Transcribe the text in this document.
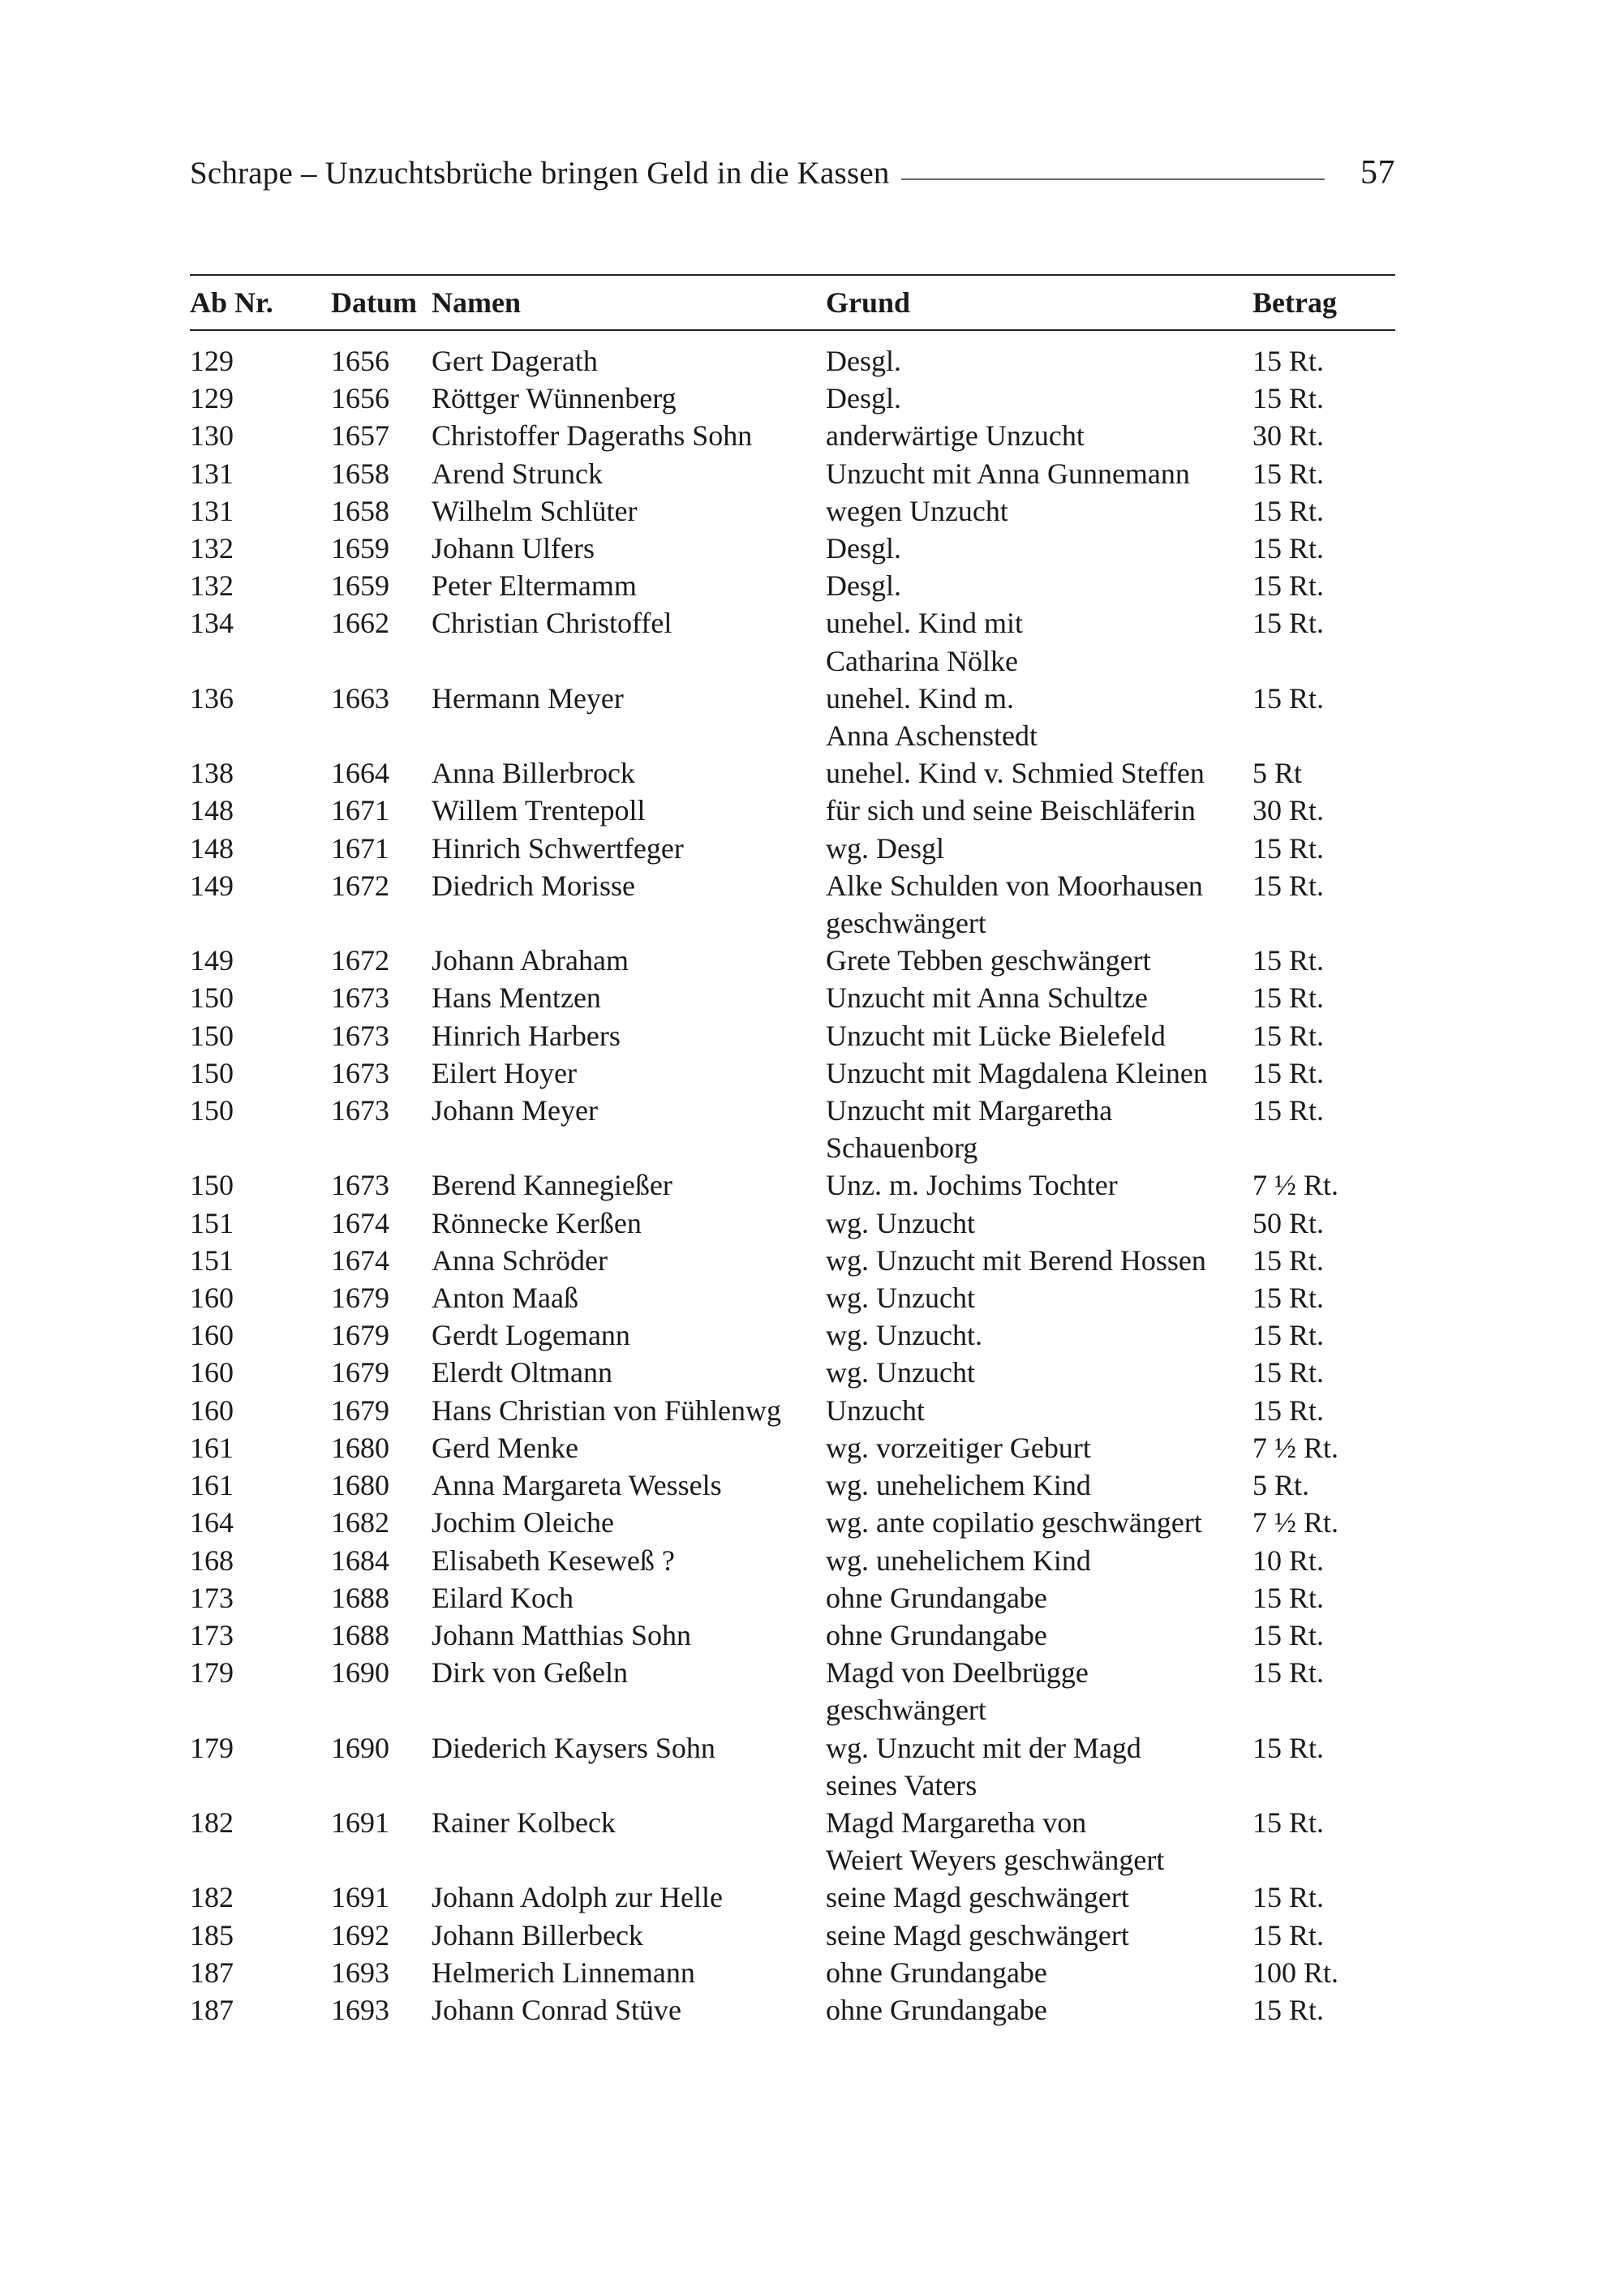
Schrape – Unzuchtsbrüche bringen Geld in die Kassen	57
Ab Nr.	Datum	Namen	Grund	Betrag
129	1656	Gert Dagerath	Desgl.	15 Rt.
129	1656	Röttger Wünnenberg	Desgl.	15 Rt.
130	1657	Christoffer Dageraths Sohn	anderwärtige Unzucht	30 Rt.
131	1658	Arend Strunck	Unzucht mit Anna Gunnemann	15 Rt.
131	1658	Wilhelm Schlüter	wegen Unzucht	15 Rt.
132	1659	Johann Ulfers	Desgl.	15 Rt.
132	1659	Peter Eltermamm	Desgl.	15 Rt.
134	1662	Christian Christoffel	unehel. Kind mit
Catharina Nölke	15 Rt.
136	1663	Hermann Meyer	unehel. Kind m.
Anna Aschenstedt	15 Rt.
138	1664	Anna Billerbrock	unehel. Kind v. Schmied Steffen	5 Rt
148	1671	Willem Trentepoll	für sich und seine Beischläferin	30 Rt.
148	1671	Hinrich Schwertfeger	wg. Desgl	15 Rt.
149	1672	Diedrich Morisse	Alke Schulden von Moorhausen
geschwängert	15 Rt.
149	1672	Johann Abraham	Grete Tebben geschwängert	15 Rt.
150	1673	Hans Mentzen	Unzucht mit Anna Schultze	15 Rt.
150	1673	Hinrich Harbers	Unzucht mit Lücke Bielefeld	15 Rt.
150	1673	Eilert Hoyer	Unzucht mit Magdalena Kleinen	15 Rt.
150	1673	Johann Meyer	Unzucht mit Margaretha
Schauenborg	15 Rt.
150	1673	Berend Kannegießer	Unz. m. Jochims Tochter	7 ½ Rt.
151	1674	Rönnecke Kerßen	wg. Unzucht	50 Rt.
151	1674	Anna Schröder	wg. Unzucht mit Berend Hossen	15 Rt.
160	1679	Anton Maaß	wg. Unzucht	15 Rt.
160	1679	Gerdt Logemann	wg. Unzucht.	15 Rt.
160	1679	Elerdt Oltmann	wg. Unzucht	15 Rt.
160	1679	Hans Christian von Fühlenwg	Unzucht	15 Rt.
161	1680	Gerd Menke	wg. vorzeitiger Geburt	7 ½ Rt.
161	1680	Anna Margareta Wessels	wg. unehelichem Kind	5 Rt.
164	1682	Jochim Oleiche	wg. ante copilatio geschwängert	7 ½ Rt.
168	1684	Elisabeth Keseweß ?	wg. unehelichem Kind	10 Rt.
173	1688	Eilard Koch	ohne Grundangabe	15 Rt.
173	1688	Johann Matthias Sohn	ohne Grundangabe	15 Rt.
179	1690	Dirk von Geßeln	Magd von Deelbrügge
geschwängert	15 Rt.
179	1690	Diederich Kaysers Sohn	wg. Unzucht mit der Magd
seines Vaters	15 Rt.
182	1691	Rainer Kolbeck	Magd Margaretha von
Weiert Weyers geschwängert	15 Rt.
182	1691	Johann Adolph zur Helle	seine Magd geschwängert	15 Rt.
185	1692	Johann Billerbeck	seine Magd geschwängert	15 Rt.
187	1693	Helmerich Linnemann	ohne Grundangabe	100 Rt.
187	1693	Johann Conrad Stüve	ohne Grundangabe	15 Rt.
